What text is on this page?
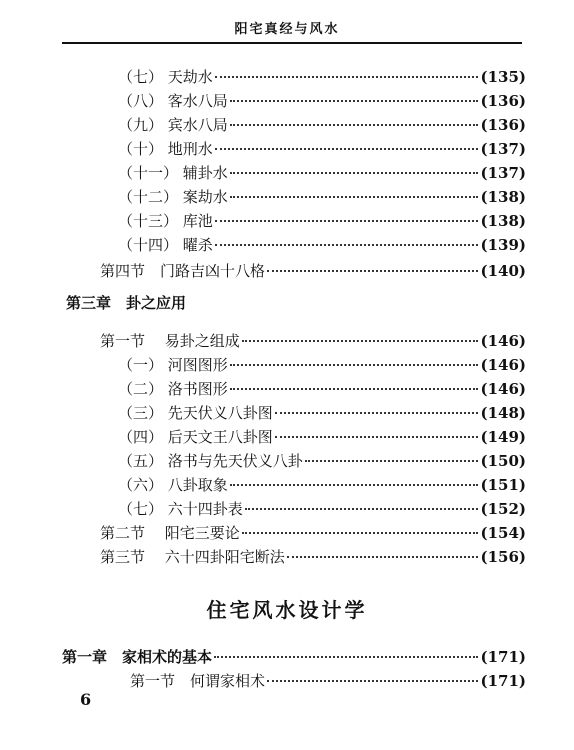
阳宅真经与风水
（七） 天劫水	(135)
（八） 客水八局	(136)
（九） 宾水八局	(136)
（十） 地刑水	(137)
（十一） 辅卦水	(137)
（十二） 案劫水	(138)
（十三） 库池	(138)
（十四） 曜杀	(139)
第四节　门路吉凶十八格	(140)
第三章　卦之应用
第一节　 易卦之组成	(146)
（一） 河图图形	(146)
（二） 洛书图形	(146)
（三） 先天伏义八卦图	(148)
（四） 后天文王八卦图	(149)
（五） 洛书与先天伏义八卦	(150)
（六） 八卦取象	(151)
（七） 六十四卦表	(152)
第二节　 阳宅三要论	(154)
第三节　 六十四卦阳宅断法	(156)
住宅风水设计学
第一章　家相术的基本	(171)
第一节　何谓家相术	(171)
6
